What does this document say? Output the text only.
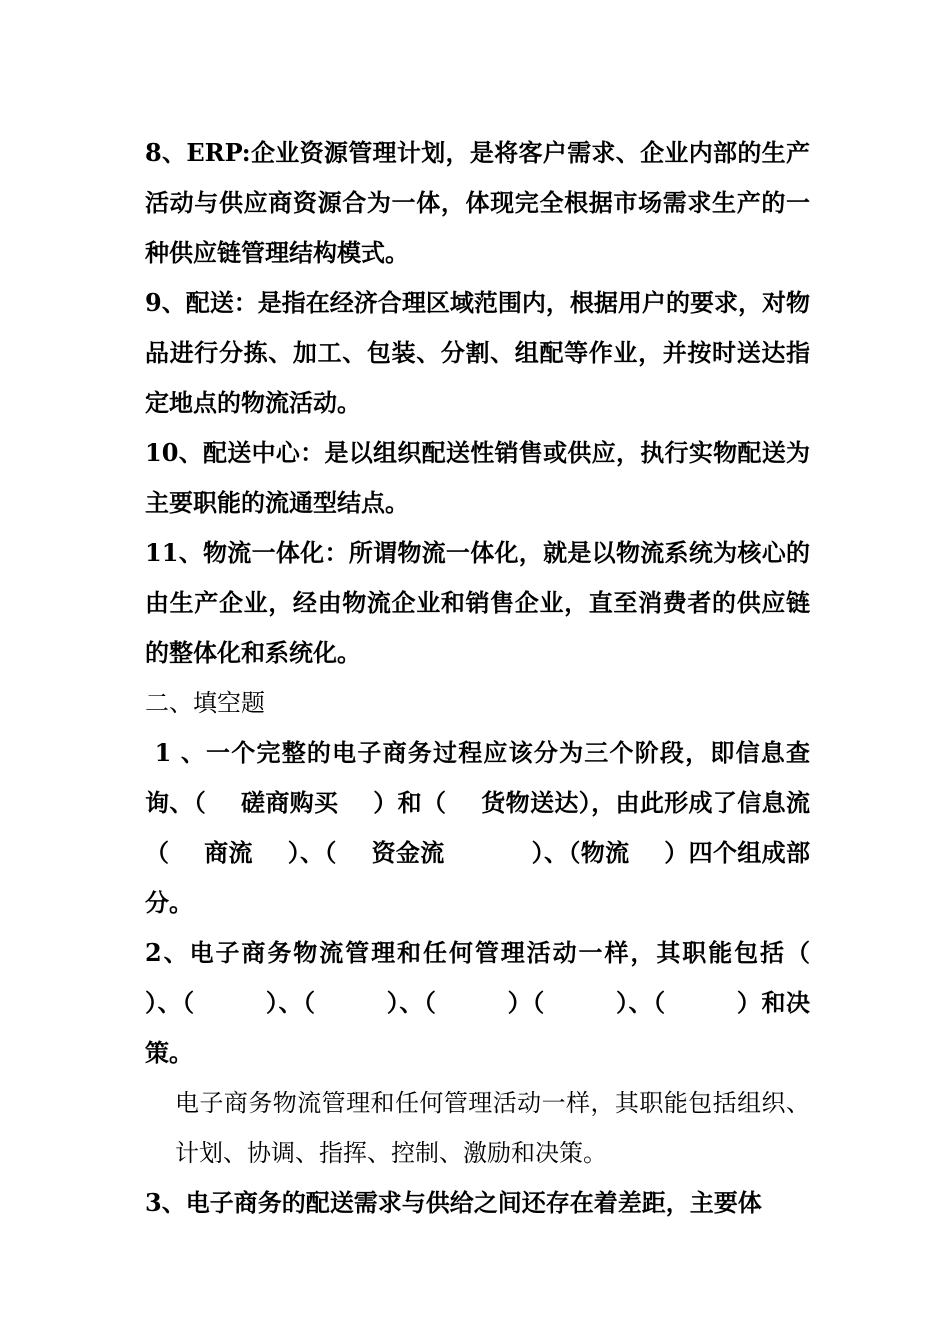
8、ERP:企业资源管理计划，是将客户需求、企业内部的生产活动与供应商资源合为一体，体现完全根据市场需求生产的一种供应链管理结构模式。

9、配送：是指在经济合理区域范围内，根据用户的要求，对物品进行分拣、加工、包装、分割、组配等作业，并按时送达指定地点的物流活动。

10、配送中心：是以组织配送性销售或供应，执行实物配送为主要职能的流通型结点。

11、物流一体化：所谓物流一体化，就是以物流系统为核心的由生产企业，经由物流企业和销售企业，直至消费者的供应链的整体化和系统化。

二、填空题

1 、一个完整的电子商务过程应该分为三个阶段，即信息查询、（    磋商购买    ）和（    货物送达），由此形成了信息流（    商流    ）、（    资金流          ）、（物流    ）四个组成部分。

2、电子商务物流管理和任何管理活动一样，其职能包括（    ）、（        ）、（        ）、（        ）（        ）、（        ）和决策。

电子商务物流管理和任何管理活动一样，其职能包括组织、计划、协调、指挥、控制、激励和决策。

3、电子商务的配送需求与供给之间还存在着差距，主要体
